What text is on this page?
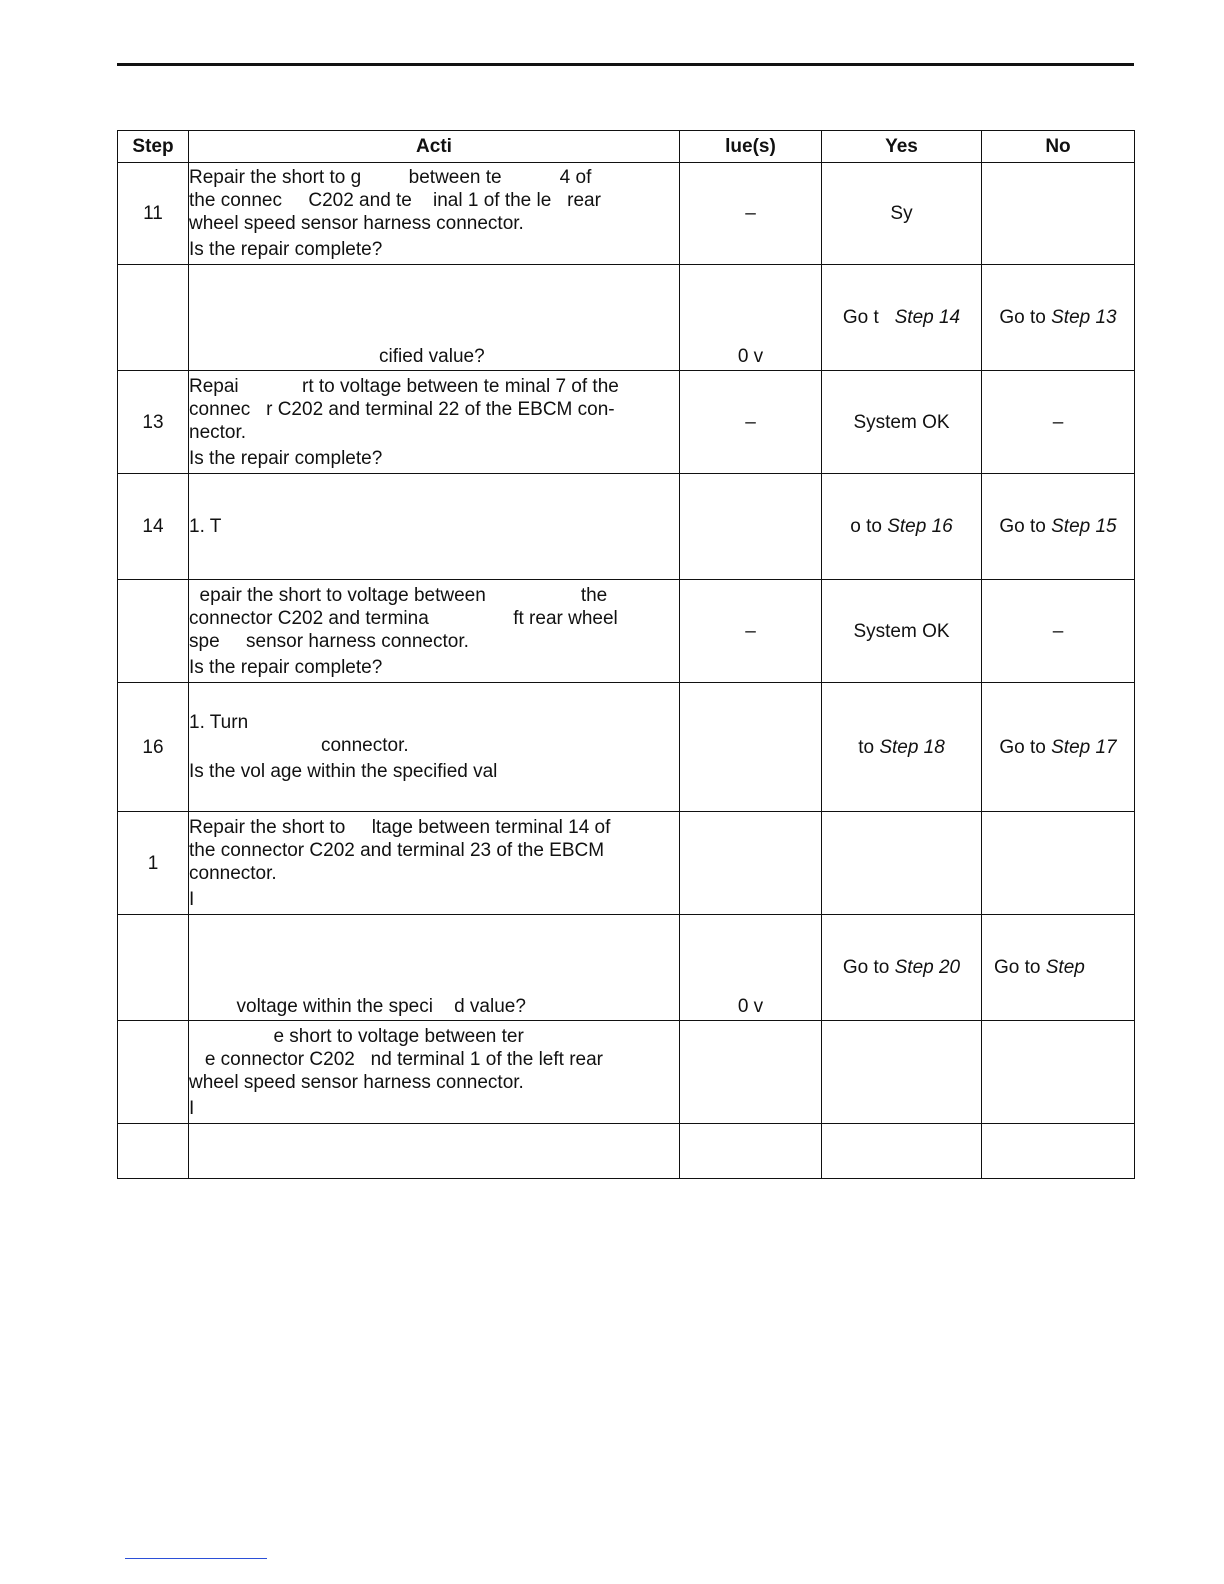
Step	Acti	lue(s)	Yes	No
11	Repair the short to g         between te           4 of

the connec     C202 and te    inal 1 of the le   rear

wheel speed sensor harness connector.

Is the repair complete?	–	Sy	

	cified value?	0 v	Go t   Step 14	Go to Step 13
13	Repai            rt to voltage between te minal 7 of the

connec   r C202 and terminal 22 of the EBCM con-

nector.

Is the repair complete?	–	System OK	–
14	1. T		o to Step 16	Go to Step 15

	epair the short to voltage between                  the

connector C202 and termina                ft rear wheel

spe     sensor harness connector.

Is the repair complete?	–	System OK	–
16	1. Turn

connector.

Is the vol age within the specified val		to Step 18	Go to Step 17
1	Repair the short to     ltage between terminal 14 of

the connector C202 and terminal 23 of the EBCM

connector.

I			

	voltage within the speci    d value?	0 v	Go to Step 20	Go to Step

	e short to voltage between ter

e connector C202   nd terminal 1 of the left rear

wheel speed sensor harness connector.

I			
